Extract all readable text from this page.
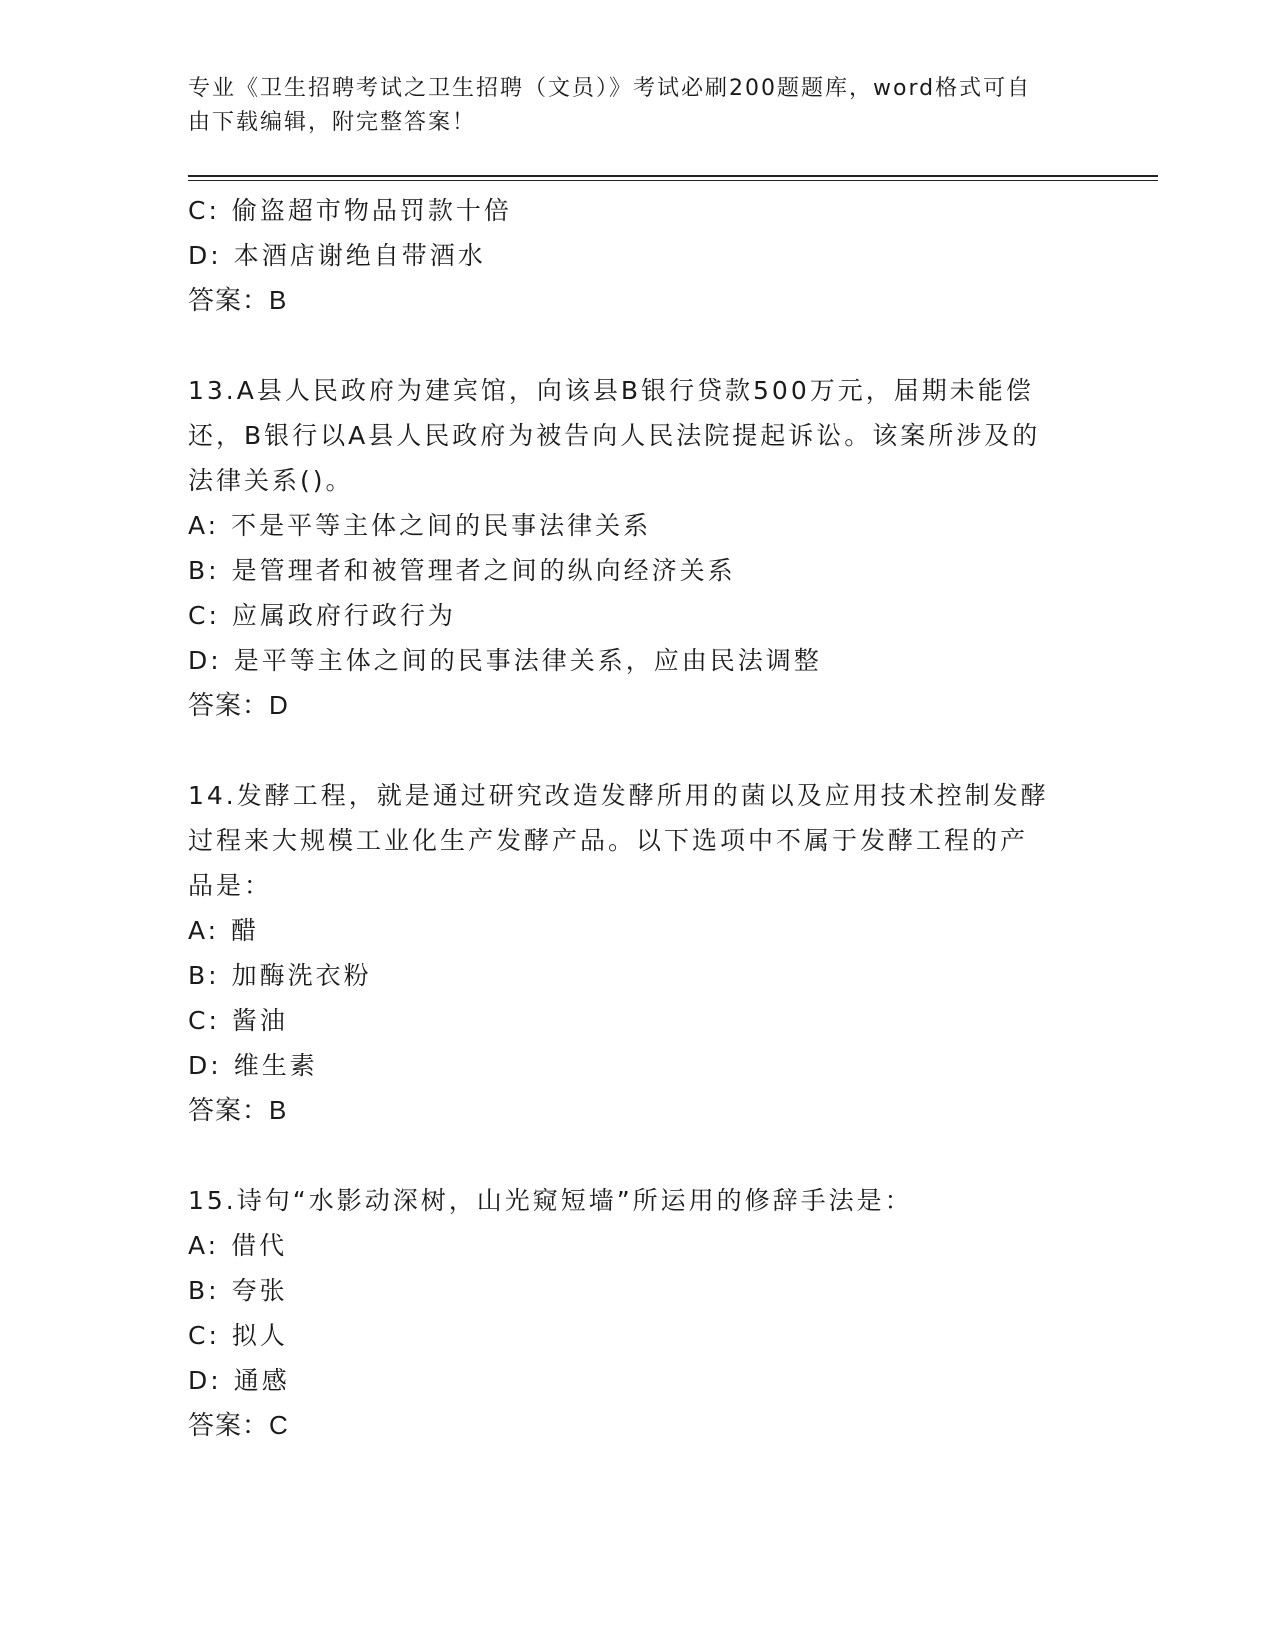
专业《卫生招聘考试之卫生招聘（文员）》考试必刷200题题库，word格式可自
由下载编辑，附完整答案！
C: 偷盗超市物品罚款十倍
D: 本酒店谢绝自带酒水
答案：B
13.A县人民政府为建宾馆，向该县B银行贷款500万元，届期未能偿
还，B银行以A县人民政府为被告向人民法院提起诉讼。该案所涉及的
法律关系()。
A: 不是平等主体之间的民事法律关系
B: 是管理者和被管理者之间的纵向经济关系
C: 应属政府行政行为
D: 是平等主体之间的民事法律关系，应由民法调整
答案：D
14.发酵工程，就是通过研究改造发酵所用的菌以及应用技术控制发酵
过程来大规模工业化生产发酵产品。以下选项中不属于发酵工程的产
品是：
A: 醋
B: 加酶洗衣粉
C: 酱油
D: 维生素
答案：B
15.诗句“水影动深树，山光窥短墙”所运用的修辞手法是：
A: 借代
B: 夸张
C: 拟人
D: 通感
答案：C
